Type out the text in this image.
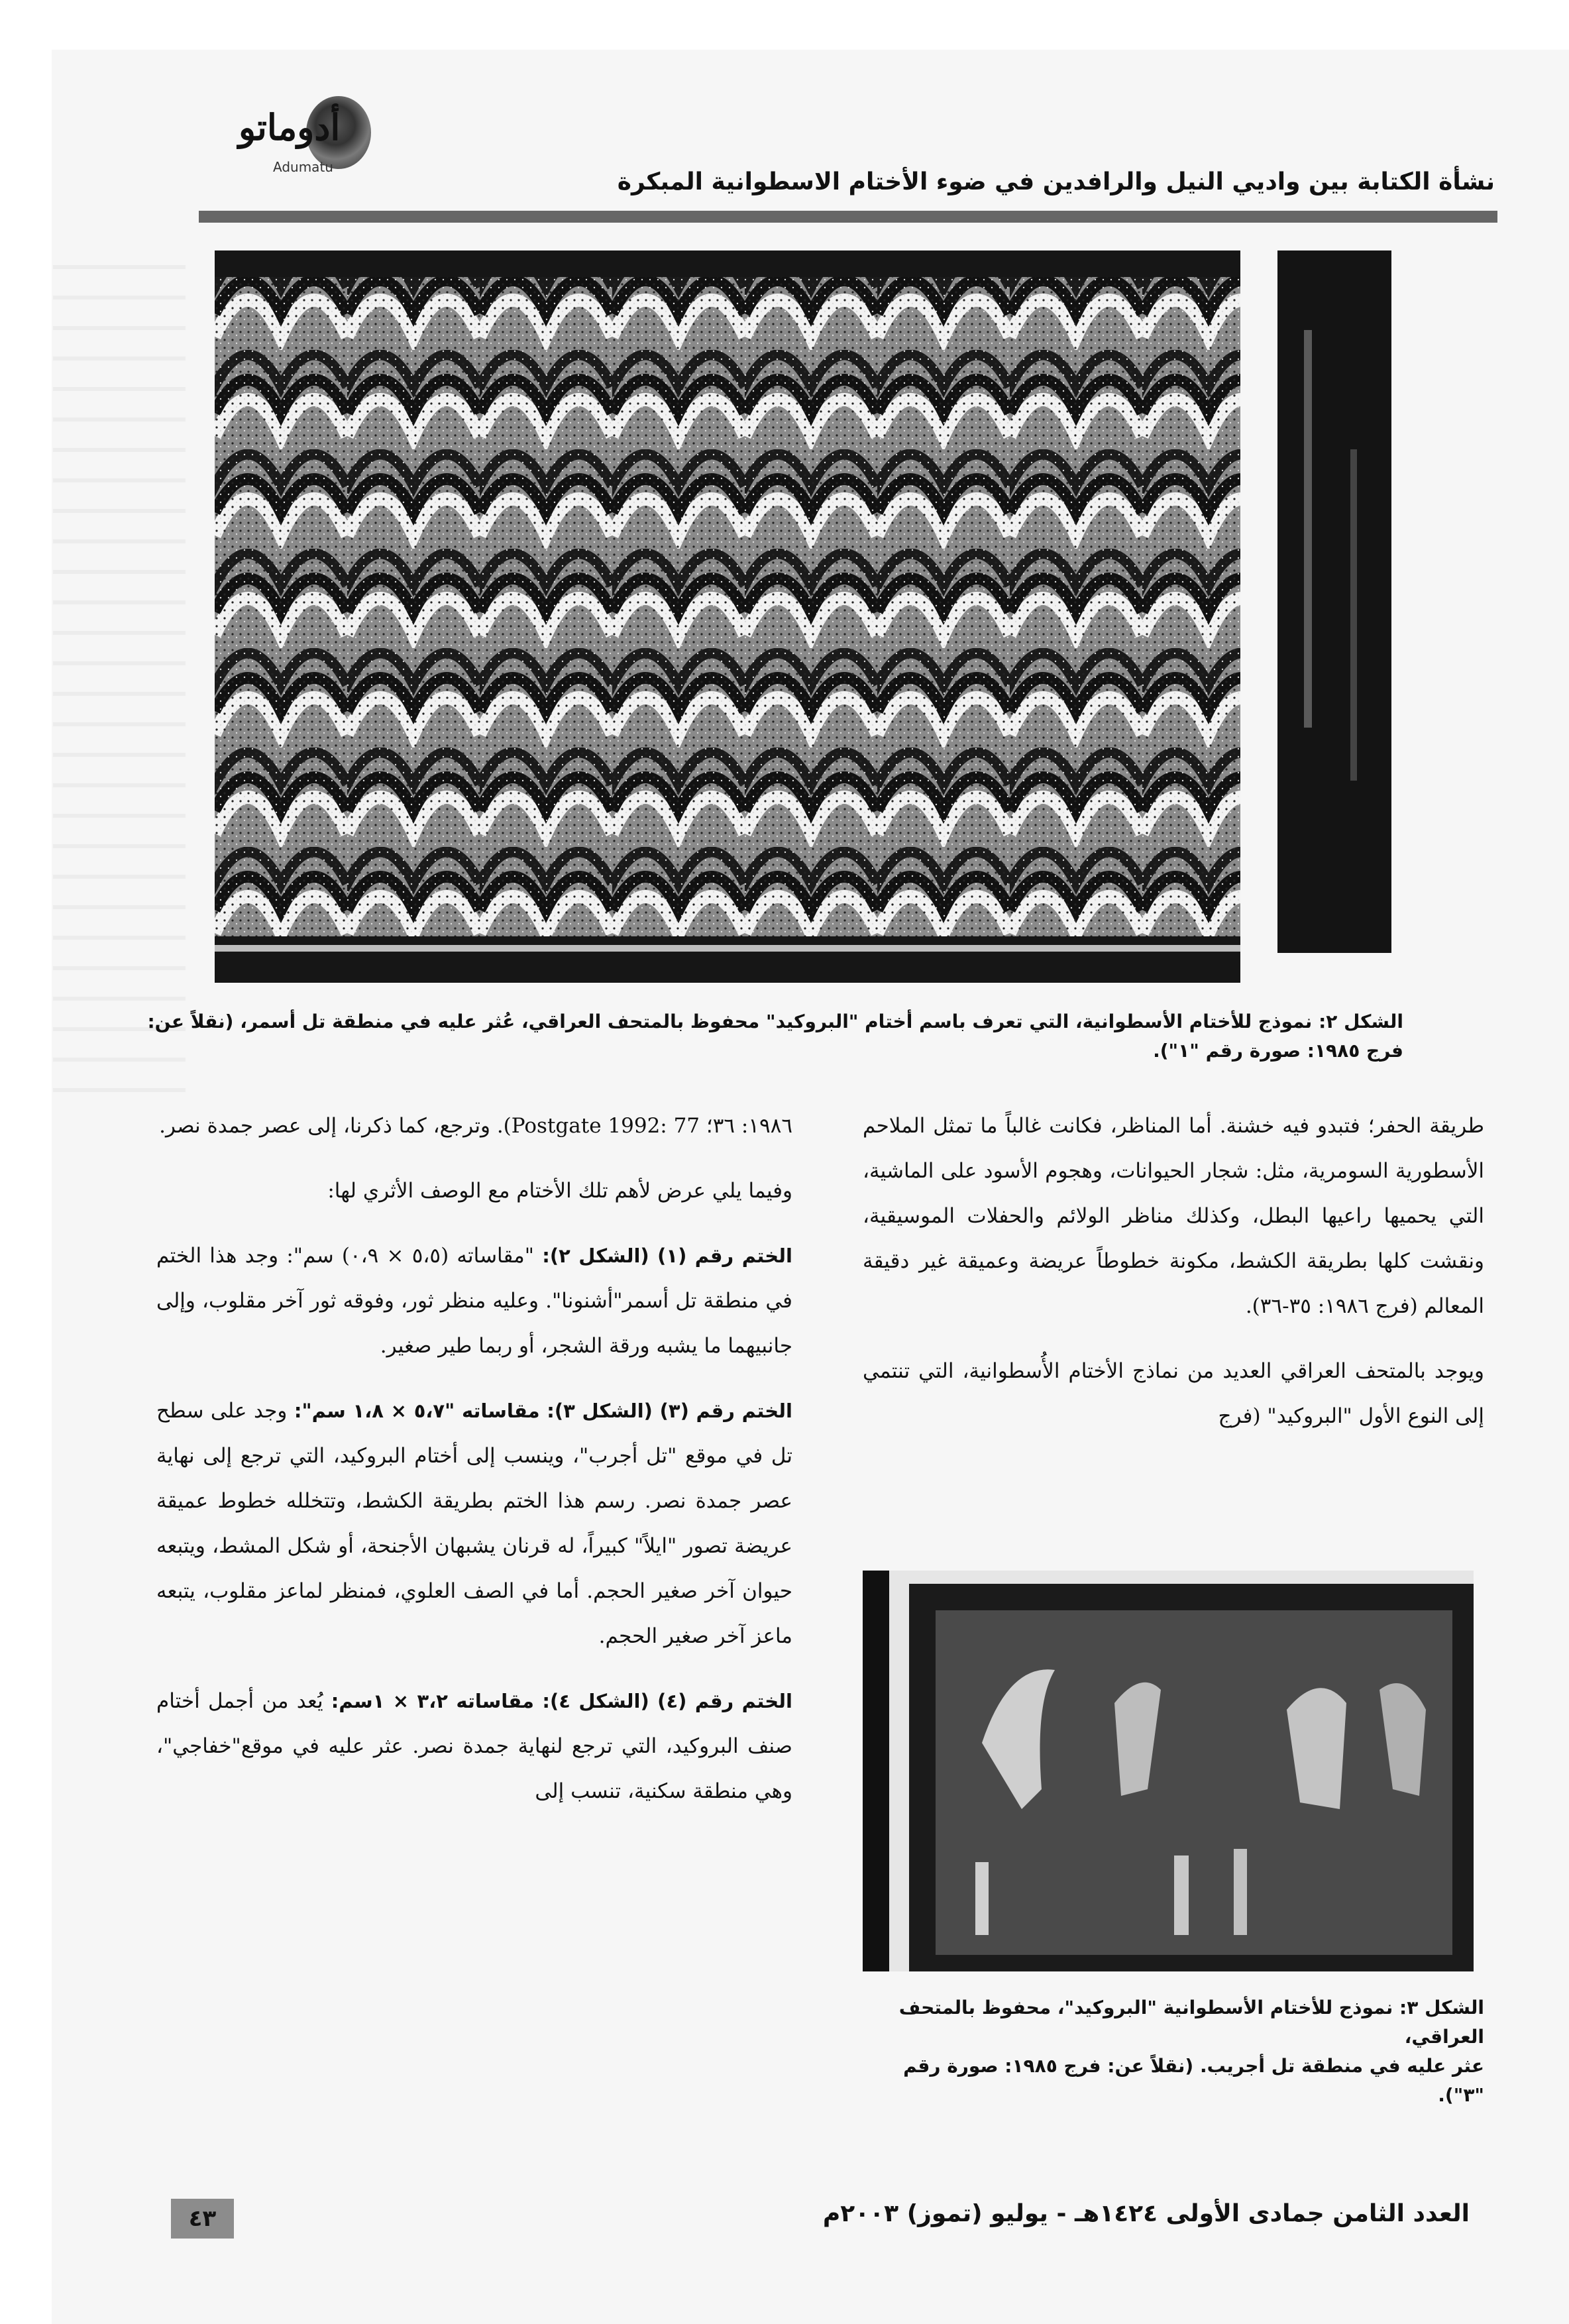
أدوماتو
Adumatu
نشأة الكتابة بين واديي النيل والرافدين في ضوء الأختام الاسطوانية المبكرة
الشكل ٢: نموذج للأختام الأسطوانية، التي تعرف باسم أختام "البروكيد" محفوظ بالمتحف العراقي، عُثر عليه في منطقة تل أسمر، (نقلاً عن:
فرج ١٩٨٥: صورة رقم "١").

طريقة الحفر؛ فتبدو فيه خشنة. أما المناظر، فكانت غالباً ما تمثل الملاحم الأسطورية السومرية، مثل: شجار الحيوانات، وهجوم الأسود على الماشية، التي يحميها راعيها البطل، وكذلك مناظر الولائم والحفلات الموسيقية، ونقشت كلها بطريقة الكشط، مكونة خطوطاً عريضة وعميقة غير دقيقة المعالم (فرج ١٩٨٦: ٣٥-٣٦).

ويوجد بالمتحف العراقي العديد من نماذج الأختام الأُسطوانية، التي تنتمي إلى النوع الأول "البروكيد" (فرج

الشكل ٣: نموذج للأختام الأسطوانية "البروكيد"، محفوظ بالمتحف العراقي،
عثر عليه في منطقة تل أجريب. (نقلاً عن: فرج ١٩٨٥: صورة رقم "٣").

١٩٨٦: ٣٦؛ Postgate 1992: 77). وترجع، كما ذكرنا، إلى عصر جمدة نصر.

وفيما يلي عرض لأهم تلك الأختام مع الوصف الأثري لها:

الختم رقم (١) (الشكل ٢): "مقاساته (٥،٥ × ٠،٩) سم": وجد هذا الختم في منطقة تل أسمر"أشنونا". وعليه منظر ثور، وفوقه ثور آخر مقلوب، وإلى جانبيهما ما يشبه ورقة الشجر، أو ربما طير صغير.

الختم رقم (٣) (الشكل ٣): مقاساته "٥،٧ × ١،٨ سم": وجد على سطح تل في موقع "تل أجرب"، وينسب إلى أختام البروكيد، التي ترجع إلى نهاية عصر جمدة نصر. رسم هذا الختم بطريقة الكشط، وتتخلله خطوط عميقة عريضة تصور "ايلاً" كبيراً، له قرنان يشبهان الأجنحة، أو شكل المشط، ويتبعه حيوان آخر صغير الحجم. أما في الصف العلوي، فمنظر لماعز مقلوب، يتبعه ماعز آخر صغير الحجم.

الختم رقم (٤) (الشكل ٤): مقاساته ٣،٢ × ١سم: يُعد من أجمل أختام صنف البروكيد، التي ترجع لنهاية جمدة نصر. عثر عليه في موقع"خفاجي"، وهي منطقة سكنية، تنسب إلى

٤٣	العدد الثامن جمادى الأولى ١٤٢٤هـ - يوليو (تموز) ٢٠٠٣م
